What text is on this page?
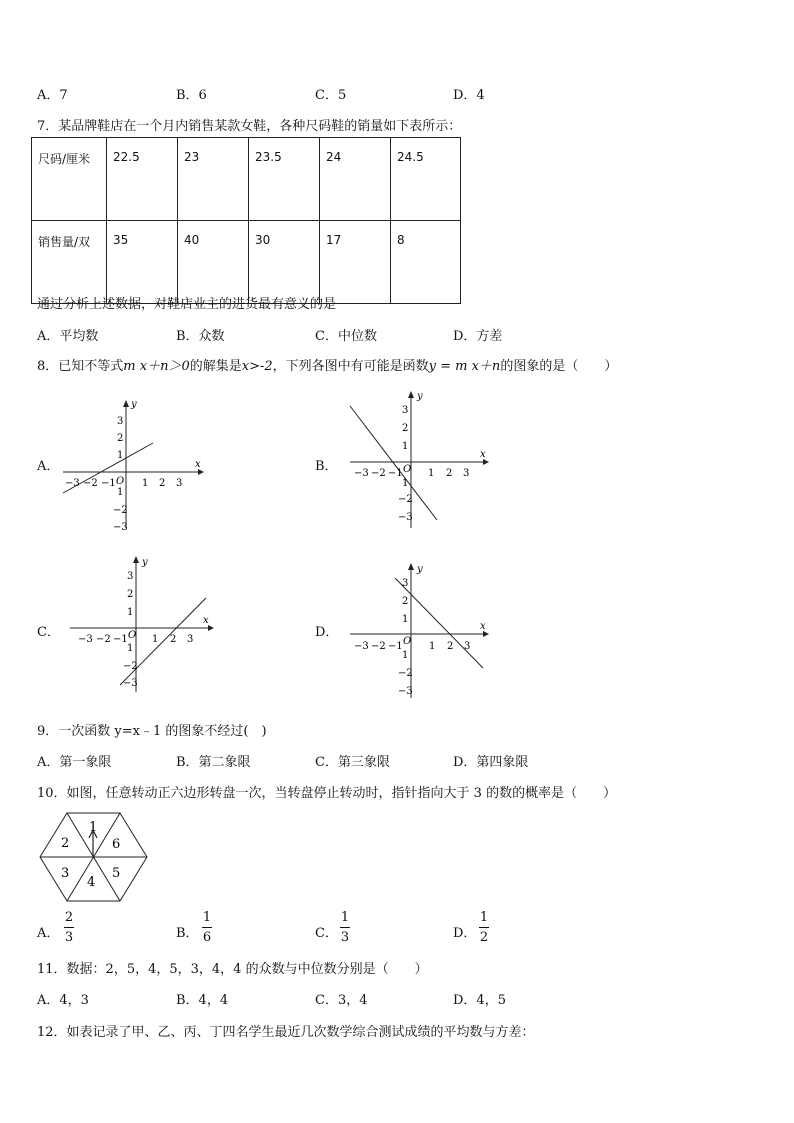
A．7	B．6	C．5	D．4
7．某品牌鞋店在一个月内销售某款女鞋，各种尺码鞋的销量如下表所示：
尺码/厘米	22.5	23	23.5	24	24.5
销售量/双	35	40	30	17	8
通过分析上述数据，对鞋店业主的进货最有意义的是
A．平均数	B．众数	C．中位数	D．方差
8．已知不等式m x＋n＞0的解集是x>-2，下列各图中有可能是函数y = m x＋n的图象的是（　　）
A．	B．
C．	D．
x
y
O
−3 −2 −1	1 2 3
3
2
1
1
−2
−3
x
y
O
−3 −2 −1	1 2 3
3
2
1
1
−2
−3
x
y
O
−3 −2 −1 1 2 3
3
2
1
1
−2
−3
x
y
O
−3 −2 −1	1 2 3
3
2
1
1
−2
−3
9．一次函数 y=x﹣1 的图象不经过(　)
A．第一象限	B．第二象限	C．第三象限	D．第四象限
10．如图，任意转动正六边形转盘一次，当转盘停止转动时，指针指向大于 3 的数的概率是（　　）
1
6
5
4
3
2
A．
2
3	B．
1
6	C．
1
3	D．
1
2
11．数据：2，5，4，5，3，4，4 的众数与中位数分别是（　　）
A．4，3	B．4，4	C．3，4	D．4，5
12．如表记录了甲、乙、丙、丁四名学生最近几次数学综合测试成绩的平均数与方差：
